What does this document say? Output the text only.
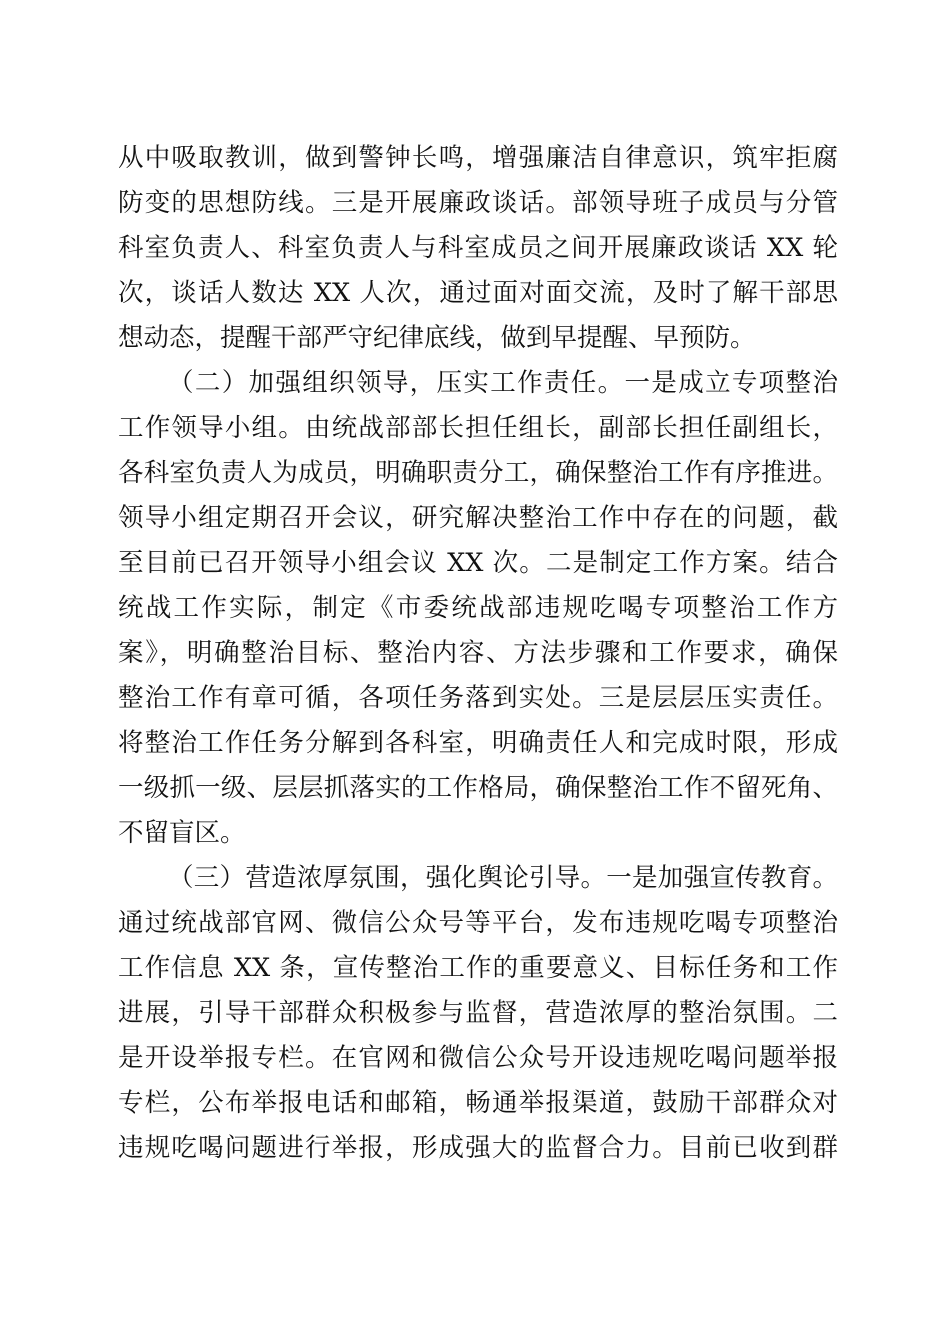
从中吸取教训，做到警钟长鸣，增强廉洁自律意识，筑牢拒腐
防变的思想防线。三是开展廉政谈话。部领导班子成员与分管
科室负责人、科室负责人与科室成员之间开展廉政谈话 XX 轮
次，谈话人数达 XX 人次，通过面对面交流，及时了解干部思
想动态，提醒干部严守纪律底线，做到早提醒、早预防。
（二）加强组织领导，压实工作责任。一是成立专项整治
工作领导小组。由统战部部长担任组长，副部长担任副组长，
各科室负责人为成员，明确职责分工，确保整治工作有序推进。
领导小组定期召开会议，研究解决整治工作中存在的问题，截
至目前已召开领导小组会议 XX 次。二是制定工作方案。结合
统战工作实际，制定《市委统战部违规吃喝专项整治工作方
案》，明确整治目标、整治内容、方法步骤和工作要求，确保
整治工作有章可循，各项任务落到实处。三是层层压实责任。
将整治工作任务分解到各科室，明确责任人和完成时限，形成
一级抓一级、层层抓落实的工作格局，确保整治工作不留死角、
不留盲区。
（三）营造浓厚氛围，强化舆论引导。一是加强宣传教育。
通过统战部官网、微信公众号等平台，发布违规吃喝专项整治
工作信息 XX 条，宣传整治工作的重要意义、目标任务和工作
进展，引导干部群众积极参与监督，营造浓厚的整治氛围。二
是开设举报专栏。在官网和微信公众号开设违规吃喝问题举报
专栏，公布举报电话和邮箱，畅通举报渠道，鼓励干部群众对
违规吃喝问题进行举报，形成强大的监督合力。目前已收到群
